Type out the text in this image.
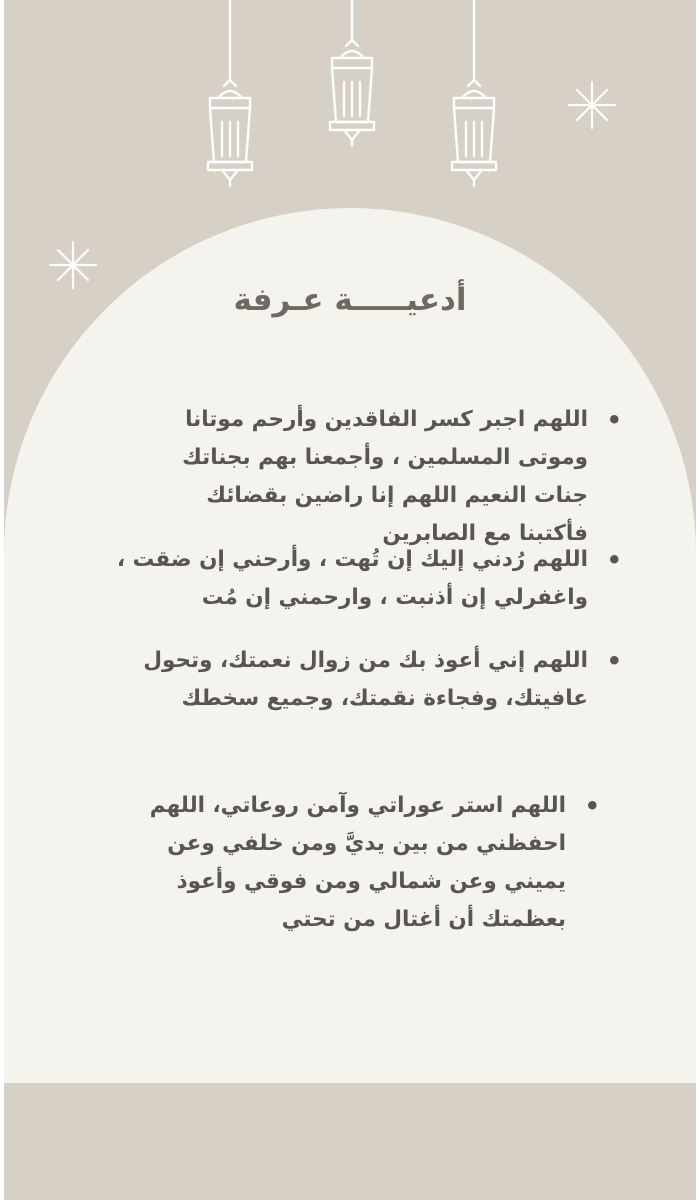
أدعيـــــة عـرفة
•
اللهم اجبر كسر الفاقدين وأرحم موتانا وموتى المسلمين ، وأجمعنا بهم بجناتك جنات النعيم اللهم إنا راضين بقضائك فأكتبنا مع الصابرين
•
اللهم رُدني إليك إن تُهت ، وأرحني إن ضقت ، واغفرلي إن أذنبت ، وارحمني إن مُت
•
اللهم إني أعوذ بك من زوال نعمتك، وتحول عافيتك، وفجاءة نقمتك، وجميع سخطك
•
اللهم استر عوراتي وآمن روعاتي، اللهم احفظني من بين يديَّ ومن خلفي وعن يميني وعن شمالي ومن فوقي وأعوذ بعظمتك أن أغتال من تحتي
